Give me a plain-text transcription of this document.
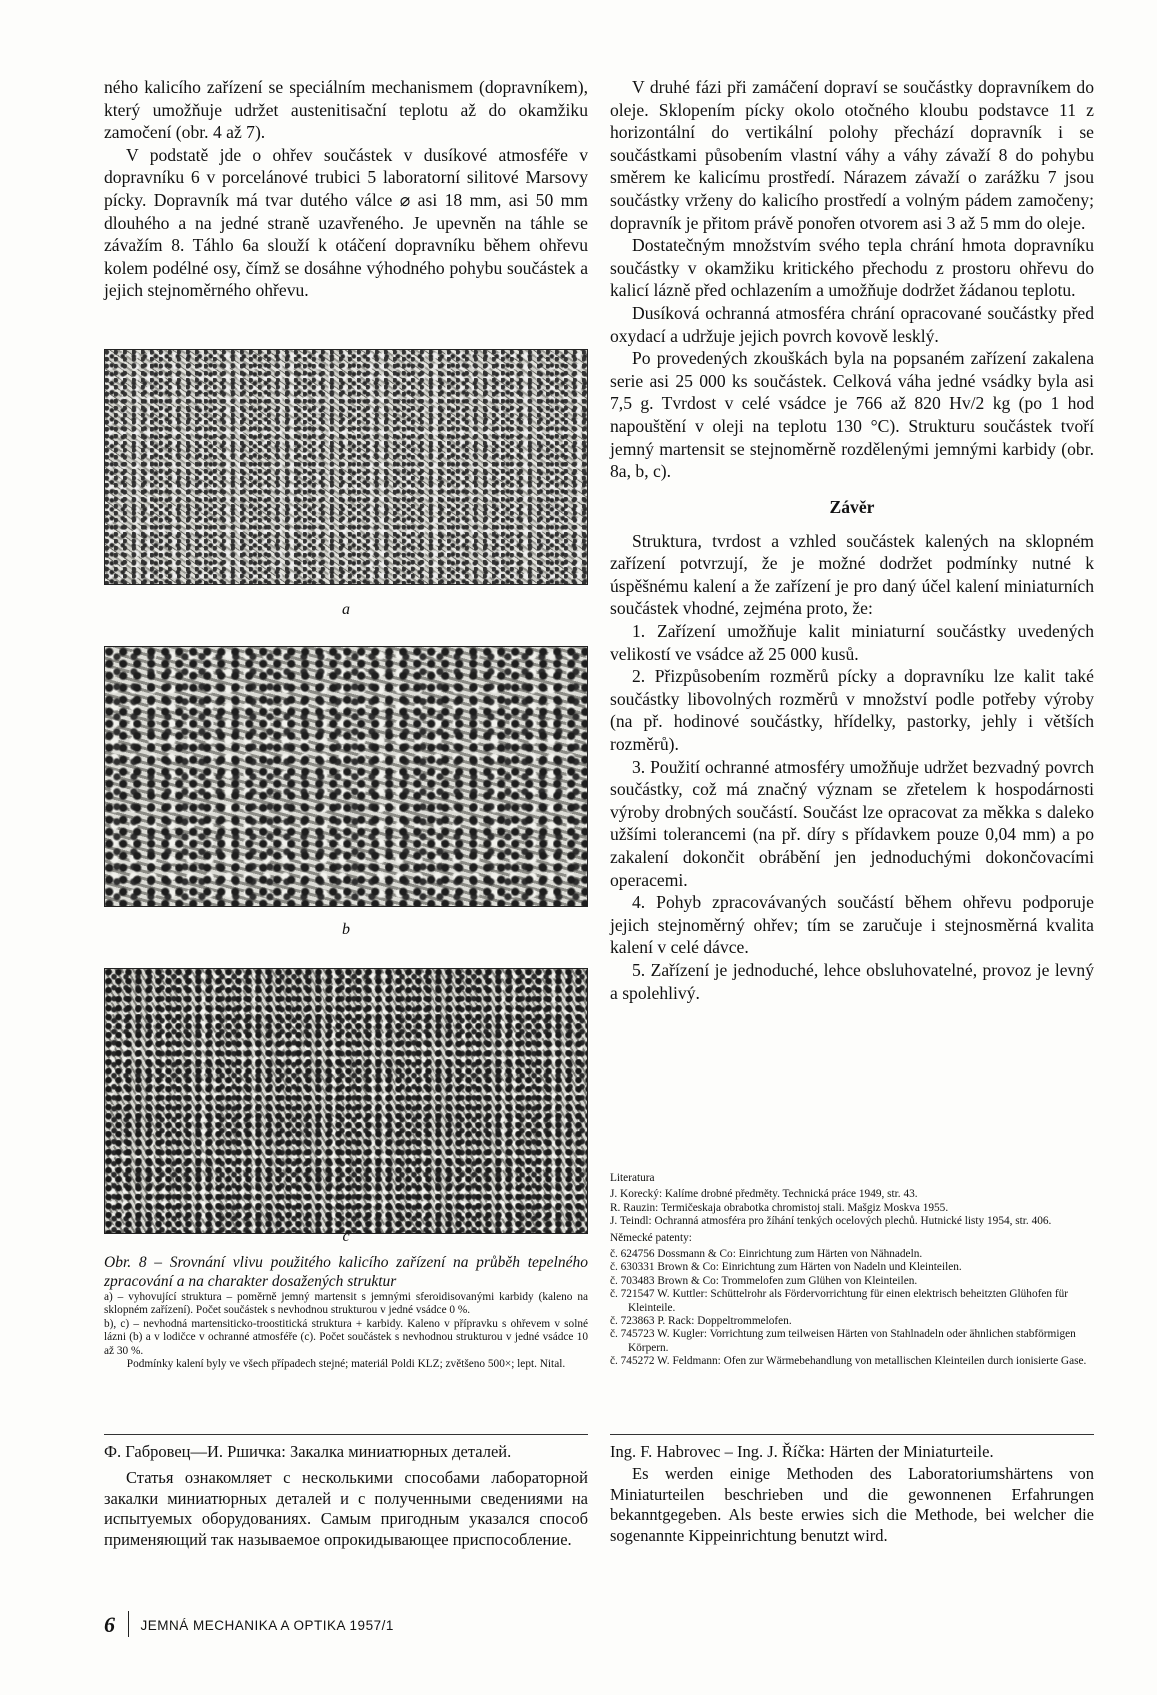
ného kalicího zařízení se speciálním mechanismem (dopravníkem), který umožňuje udržet austenitisační teplotu až do okamžiku zamočení (obr. 4 až 7).

V podstatě jde o ohřev součástek v dusíkové atmosféře v dopravníku 6 v porcelánové trubici 5 laboratorní silitové Marsovy pícky. Dopravník má tvar dutého válce ⌀ asi 18 mm, asi 50 mm dlouhého a na jedné straně uzavřeného. Je upevněn na táhle se závažím 8. Táhlo 6a slouží k otáčení dopravníku během ohřevu kolem podélné osy, čímž se dosáhne výhodného pohybu součástek a jejich stejnoměrného ohřevu.

a
b
c

Obr. 8 – Srovnání vlivu použitého kalicího zařízení na průběh tepelného zpracování a na charakter dosažených struktur

a) – vyhovující struktura – poměrně jemný martensit s jemnými sferoidisovanými karbidy (kaleno na sklopném zařízení). Počet součástek s nevhodnou strukturou v jedné vsádce 0 %.

b), c) – nevhodná martensiticko-troostitická struktura + karbidy. Kaleno v přípravku s ohřevem v solné lázni (b) a v lodičce v ochranné atmosféře (c). Počet součástek s nevhodnou strukturou v jedné vsádce 10 až 30 %.

Podmínky kalení byly ve všech případech stejné; materiál Poldi KLZ; zvětšeno 500×; lept. Nital.

V druhé fázi při zamáčení dopraví se součástky dopravníkem do oleje. Sklopením pícky okolo otočného kloubu podstavce 11 z horizontální do vertikální polohy přechází dopravník i se součástkami působením vlastní váhy a váhy závaží 8 do pohybu směrem ke kalicímu prostředí. Nárazem závaží o zarážku 7 jsou součástky vrženy do kalicího prostředí a volným pádem zamočeny; dopravník je přitom právě ponořen otvorem asi 3 až 5 mm do oleje.

Dostatečným množstvím svého tepla chrání hmota dopravníku součástky v okamžiku kritického přechodu z prostoru ohřevu do kalicí lázně před ochlazením a umožňuje dodržet žádanou teplotu.

Dusíková ochranná atmosféra chrání opracované součástky před oxydací a udržuje jejich povrch kovově lesklý.

Po provedených zkouškách byla na popsaném zařízení zakalena serie asi 25 000 ks součástek. Celková váha jedné vsádky byla asi 7,5 g. Tvrdost v celé vsádce je 766 až 820 Hv/2 kg (po 1 hod napouštění v oleji na teplotu 130 °C). Strukturu součástek tvoří jemný martensit se stejnoměrně rozdělenými jemnými karbidy (obr. 8a, b, c).

Závěr

Struktura, tvrdost a vzhled součástek kalených na sklopném zařízení potvrzují, že je možné dodržet podmínky nutné k úspěšnému kalení a že zařízení je pro daný účel kalení miniaturních součástek vhodné, zejména proto, že:

1. Zařízení umožňuje kalit miniaturní součástky uvedených velikostí ve vsádce až 25 000 kusů.

2. Přizpůsobením rozměrů pícky a dopravníku lze kalit také součástky libovolných rozměrů v množství podle potřeby výroby (na př. hodinové součástky, hřídelky, pastorky, jehly i větších rozměrů).

3. Použití ochranné atmosféry umožňuje udržet bezvadný povrch součástky, což má značný význam se zřetelem k hospodárnosti výroby drobných součástí. Součást lze opracovat za měkka s daleko užšími tolerancemi (na př. díry s přídavkem pouze 0,04 mm) a po zakalení dokončit obrábění jen jednoduchými dokončovacími operacemi.

4. Pohyb zpracovávaných součástí během ohřevu podporuje jejich stejnoměrný ohřev; tím se zaručuje i stejnosměrná kvalita kalení v celé dávce.

5. Zařízení je jednoduché, lehce obsluhovatelné, provoz je levný a spolehlivý.

Literatura
J. Korecký: Kalíme drobné předměty. Technická práce 1949, str. 43.
R. Rauzin: Termičeskaja obrabotka chromistoj stali. Mašgiz Moskva 1955.
J. Teindl: Ochranná atmosféra pro žíhání tenkých ocelových plechů. Hutnické listy 1954, str. 406.
Německé patenty:
č. 624756 Dossmann & Co: Einrichtung zum Härten von Nähnadeln.
č. 630331 Brown & Co: Einrichtung zum Härten von Nadeln und Kleinteilen.
č. 703483 Brown & Co: Trommelofen zum Glühen von Kleinteilen.
č. 721547 W. Kuttler: Schüttelrohr als Fördervorrichtung für einen elektrisch beheitzten Glühofen für Kleinteile.
č. 723863 P. Rack: Doppeltrommelofen.
č. 745723 W. Kugler: Vorrichtung zum teilweisen Härten von Stahlnadeln oder ähnlichen stabförmigen Körpern.
č. 745272 W. Feldmann: Ofen zur Wärmebehandlung von metallischen Kleinteilen durch ionisierte Gase.

Ф. Габровец—И. Ршичка: Закалка миниатюрных деталей.

Статья ознакомляет с несколькими способами лабораторной закалки миниатюрных деталей и с полученными сведениями на испытуемых оборудованиях. Самым пригодным указался способ применяющий так называемое опрокидывающее приспособление.

Ing. F. Habrovec – Ing. J. Říčka: Härten der Miniaturteile.

Es werden einige Methoden des Laboratoriumshärtens von Miniaturteilen beschrieben und die gewonnenen Erfahrungen bekanntgegeben. Als beste erwies sich die Methode, bei welcher die sogenannte Kippeinrichtung benutzt wird.

6 JEMNÁ MECHANIKA A OPTIKA 1957/1
